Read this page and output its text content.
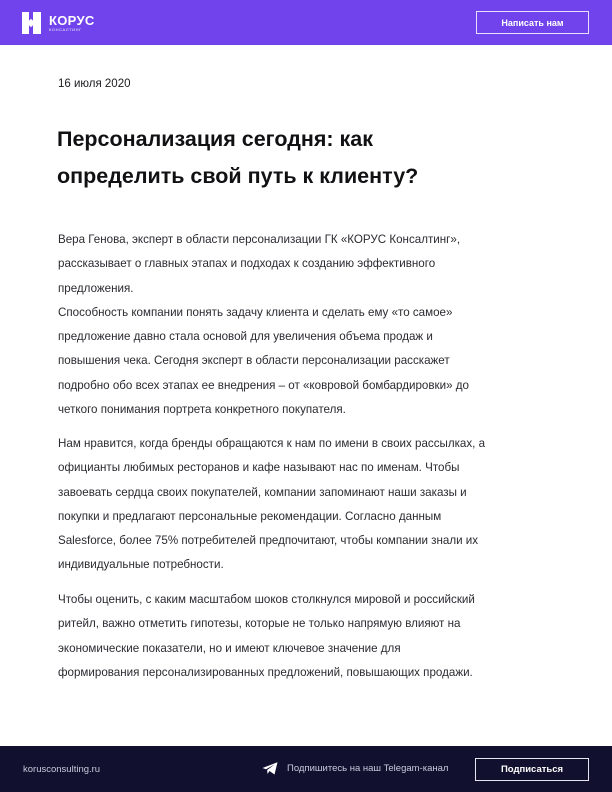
КОРУС
КОНСАЛТИНГ
Написать нам
16 июля 2020
Персонализация сегодня: как
определить свой путь к клиенту?
Вера Генова, эксперт в области персонализации ГК «КОРУС Консалтинг»,
рассказывает о главных этапах и подходах к созданию эффективного
предложения.
Способность компании понять задачу клиента и сделать ему «то самое»
предложение давно стала основой для увеличения объема продаж и
повышения чека. Сегодня эксперт в области персонализации расскажет
подробно обо всех этапах ее внедрения – от «ковровой бомбардировки» до
четкого понимания портрета конкретного покупателя.
Нам нравится, когда бренды обращаются к нам по имени в своих рассылках, а
официанты любимых ресторанов и кафе называют нас по именам. Чтобы
завоевать сердца своих покупателей, компании запоминают наши заказы и
покупки и предлагают персональные рекомендации. Согласно данным
Salesforce, более 75% потребителей предпочитают, чтобы компании знали их
индивидуальные потребности.
Чтобы оценить, с каким масштабом шоков столкнулся мировой и российский
ритейл, важно отметить гипотезы, которые не только напрямую влияют на
экономические показатели, но и имеют ключевое значение для
формирования персонализированных предложений, повышающих продажи.
korusconsulting.ru	Подпишитесь на наш Telegam-канал	Подписаться
